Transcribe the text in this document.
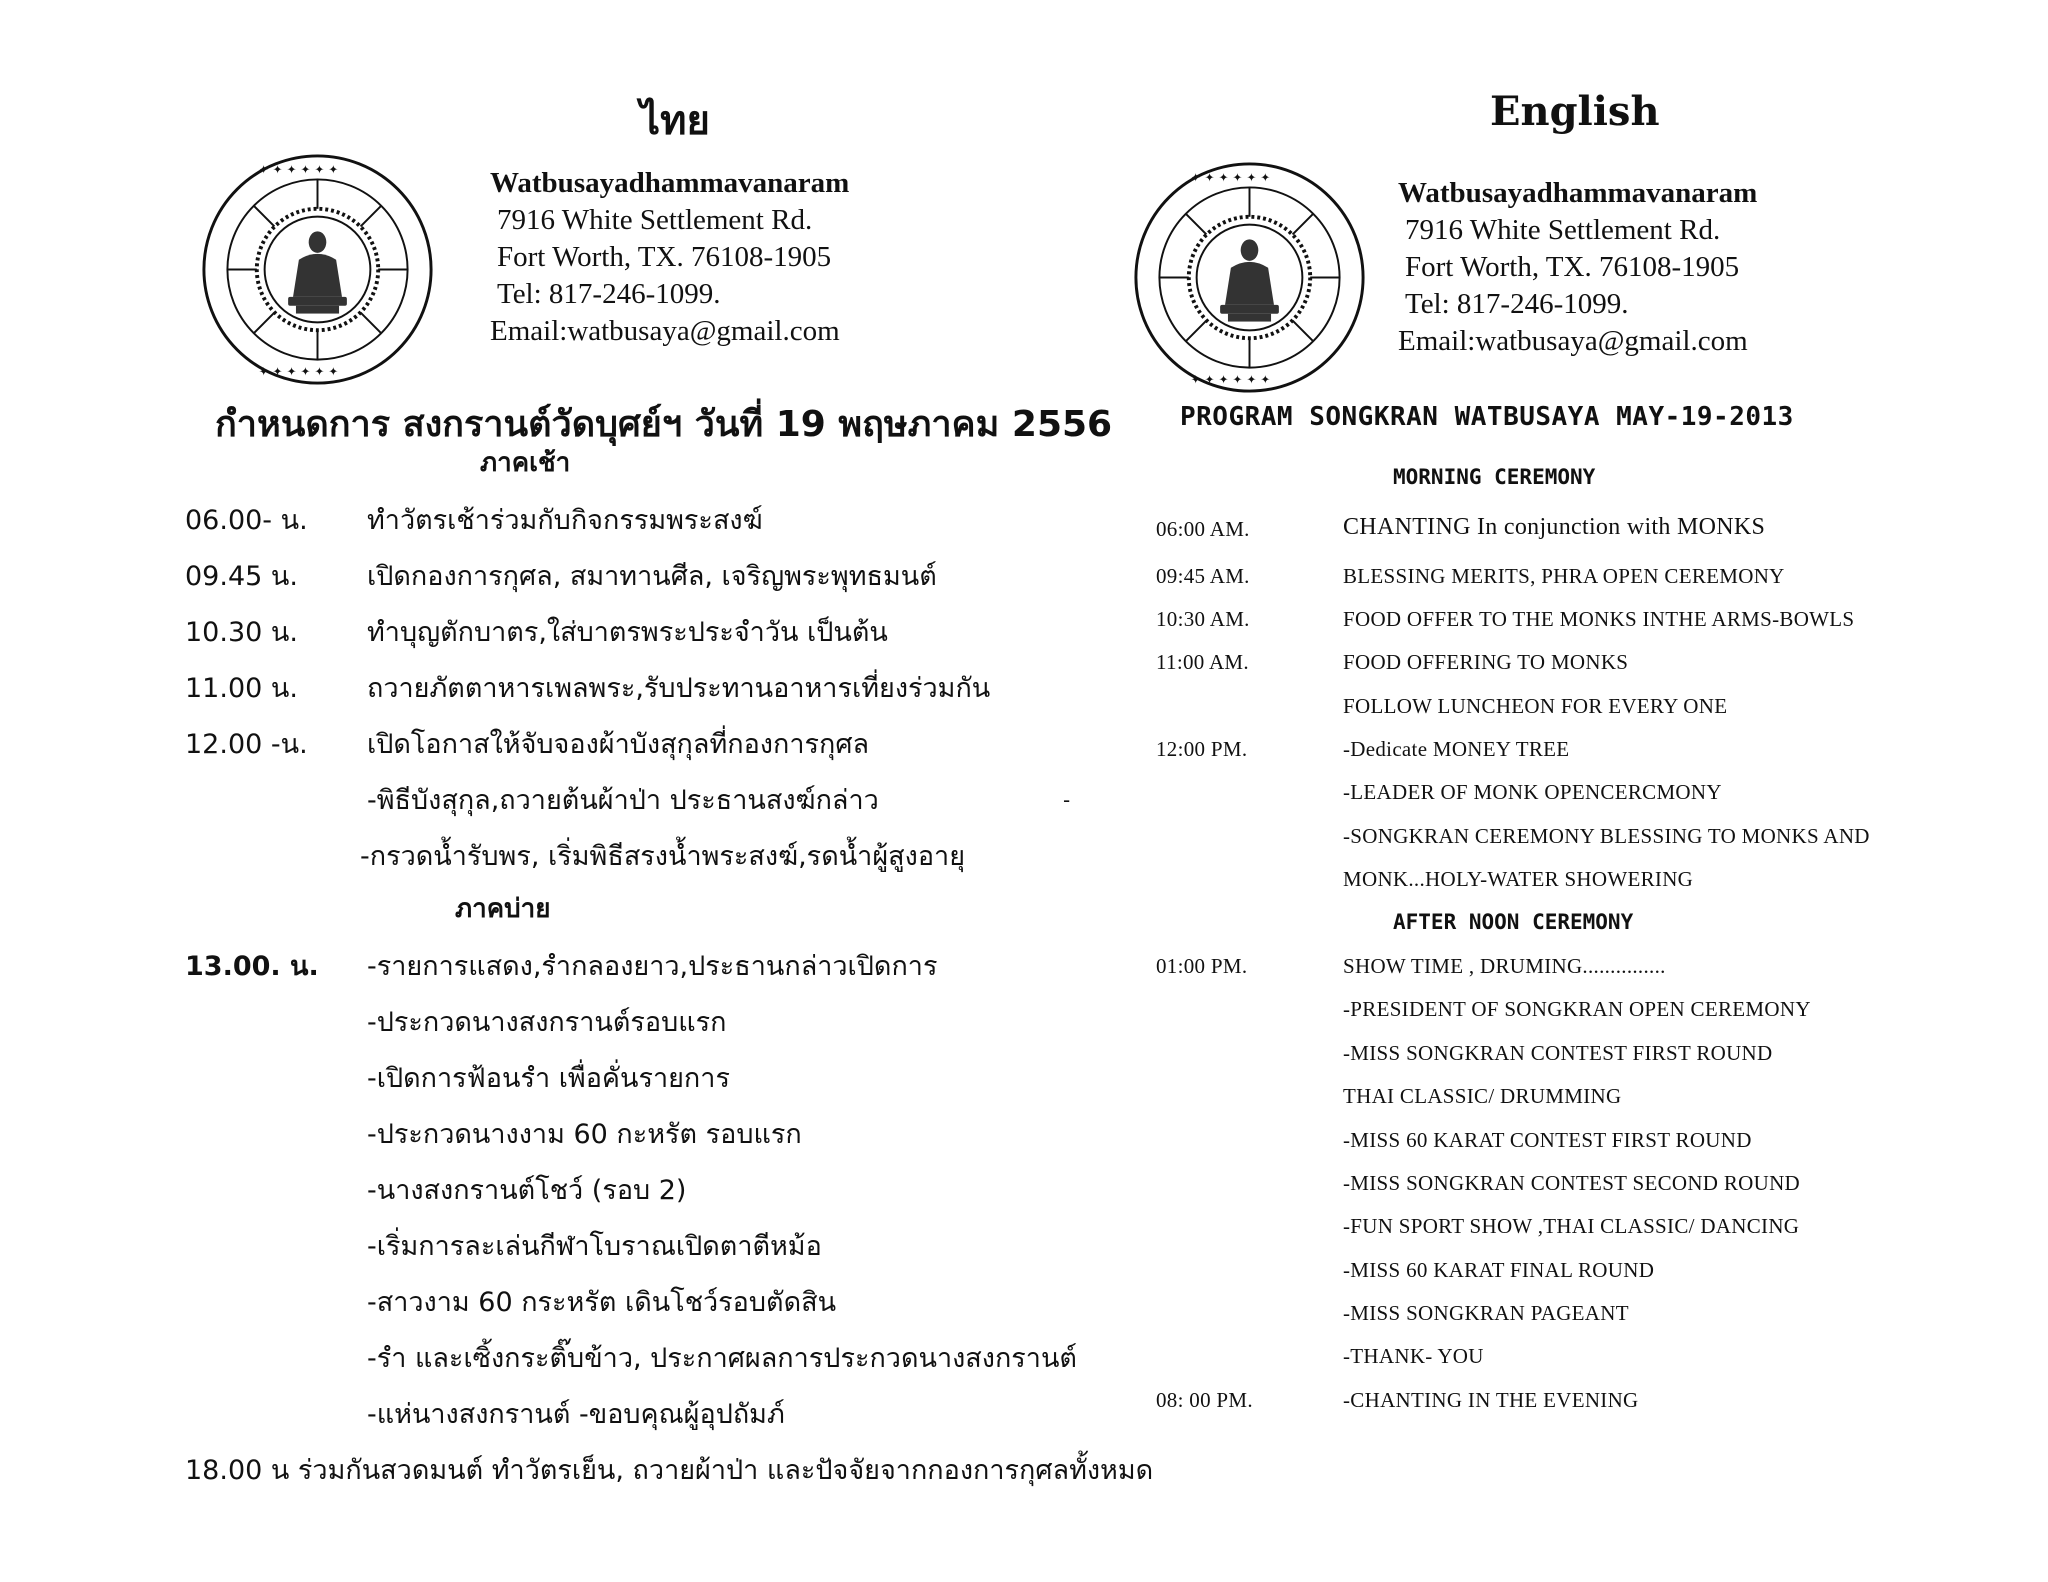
ไทย
✦ ✦ ✦ ✦ ✦ ✦
✦ ✦ ✦ ✦ ✦ ✦
Watbusayadhammavanaram
7916 White Settlement Rd.
Fort Worth, TX. 76108-1905
Tel: 817-246-1099.
Email:watbusaya@gmail.com
กำหนดการ สงกรานต์วัดบุศย์ฯ วันที่ 19 พฤษภาคม 2556
ภาคเช้า
06.00- น. ทำวัตรเช้าร่วมกับกิจกรรมพระสงฆ์
09.45 น.	เปิดกองการกุศล, สมาทานศีล, เจริญพระพุทธมนต์
10.30 น.	ทำบุญตักบาตร,ใส่บาตรพระประจำวัน เป็นต้น
11.00 น.	ถวายภัตตาหารเพลพระ,รับประทานอาหารเที่ยงร่วมกัน
12.00 -น. เปิดโอกาสให้จับจองผ้าบังสุกุลที่กองการกุศล
-พิธีบังสุกุล,ถวายต้นผ้าป่า ประธานสงฆ์กล่าว
-กรวดน้ำรับพร, เริ่มพิธีสรงน้ำพระสงฆ์,รดน้ำผู้สูงอายุ
ภาคบ่าย
13.00. น. -รายการแสดง,รำกลองยาว,ประธานกล่าวเปิดการ
-ประกวดนางสงกรานต์รอบแรก
-เปิดการฟ้อนรำ เพื่อคั่นรายการ
-ประกวดนางงาม 60 กะหรัต รอบแรก
-นางสงกรานต์โชว์ (รอบ 2)
-เริ่มการละเล่นกีฬาโบราณเปิดตาตีหม้อ
-สาวงาม 60 กระหรัต เดินโชว์รอบตัดสิน
-รำ และเซิ้งกระติ๊บข้าว, ประกาศผลการประกวดนางสงกรานต์
-แห่นางสงกรานต์ -ขอบคุณผู้อุปถัมภ์
18.00 น ร่วมกันสวดมนต์ ทำวัตรเย็น, ถวายผ้าป่า และปัจจัยจากกองการกุศลทั้งหมด
-
English
✦ ✦ ✦ ✦ ✦ ✦
✦ ✦ ✦ ✦ ✦ ✦
Watbusayadhammavanaram
7916 White Settlement Rd.
Fort Worth, TX. 76108-1905
Tel: 817-246-1099.
Email:watbusaya@gmail.com
PROGRAM SONGKRAN WATBUSAYA MAY-19-2013
MORNING CEREMONY
06:00 AM.	CHANTING In conjunction with MONKS
09:45 AM.	BLESSING MERITS, PHRA OPEN CEREMONY
10:30 AM.	FOOD OFFER TO THE MONKS INTHE ARMS-BOWLS
11:00 AM.	FOOD OFFERING TO MONKS
FOLLOW LUNCHEON FOR EVERY ONE
12:00 PM.	-Dedicate MONEY TREE
-LEADER OF MONK OPENCERCMONY
-SONGKRAN CEREMONY BLESSING TO MONKS AND
MONK...HOLY-WATER SHOWERING
AFTER NOON CEREMONY
01:00 PM.	SHOW TIME , DRUMING...............
-PRESIDENT OF SONGKRAN OPEN CEREMONY
-MISS SONGKRAN CONTEST FIRST ROUND
THAI CLASSIC/ DRUMMING
-MISS 60 KARAT CONTEST FIRST ROUND
-MISS SONGKRAN CONTEST SECOND ROUND
-FUN SPORT SHOW ,THAI CLASSIC/ DANCING
-MISS 60 KARAT FINAL ROUND
-MISS SONGKRAN PAGEANT
-THANK- YOU
08: 00 PM.	-CHANTING IN THE EVENING
